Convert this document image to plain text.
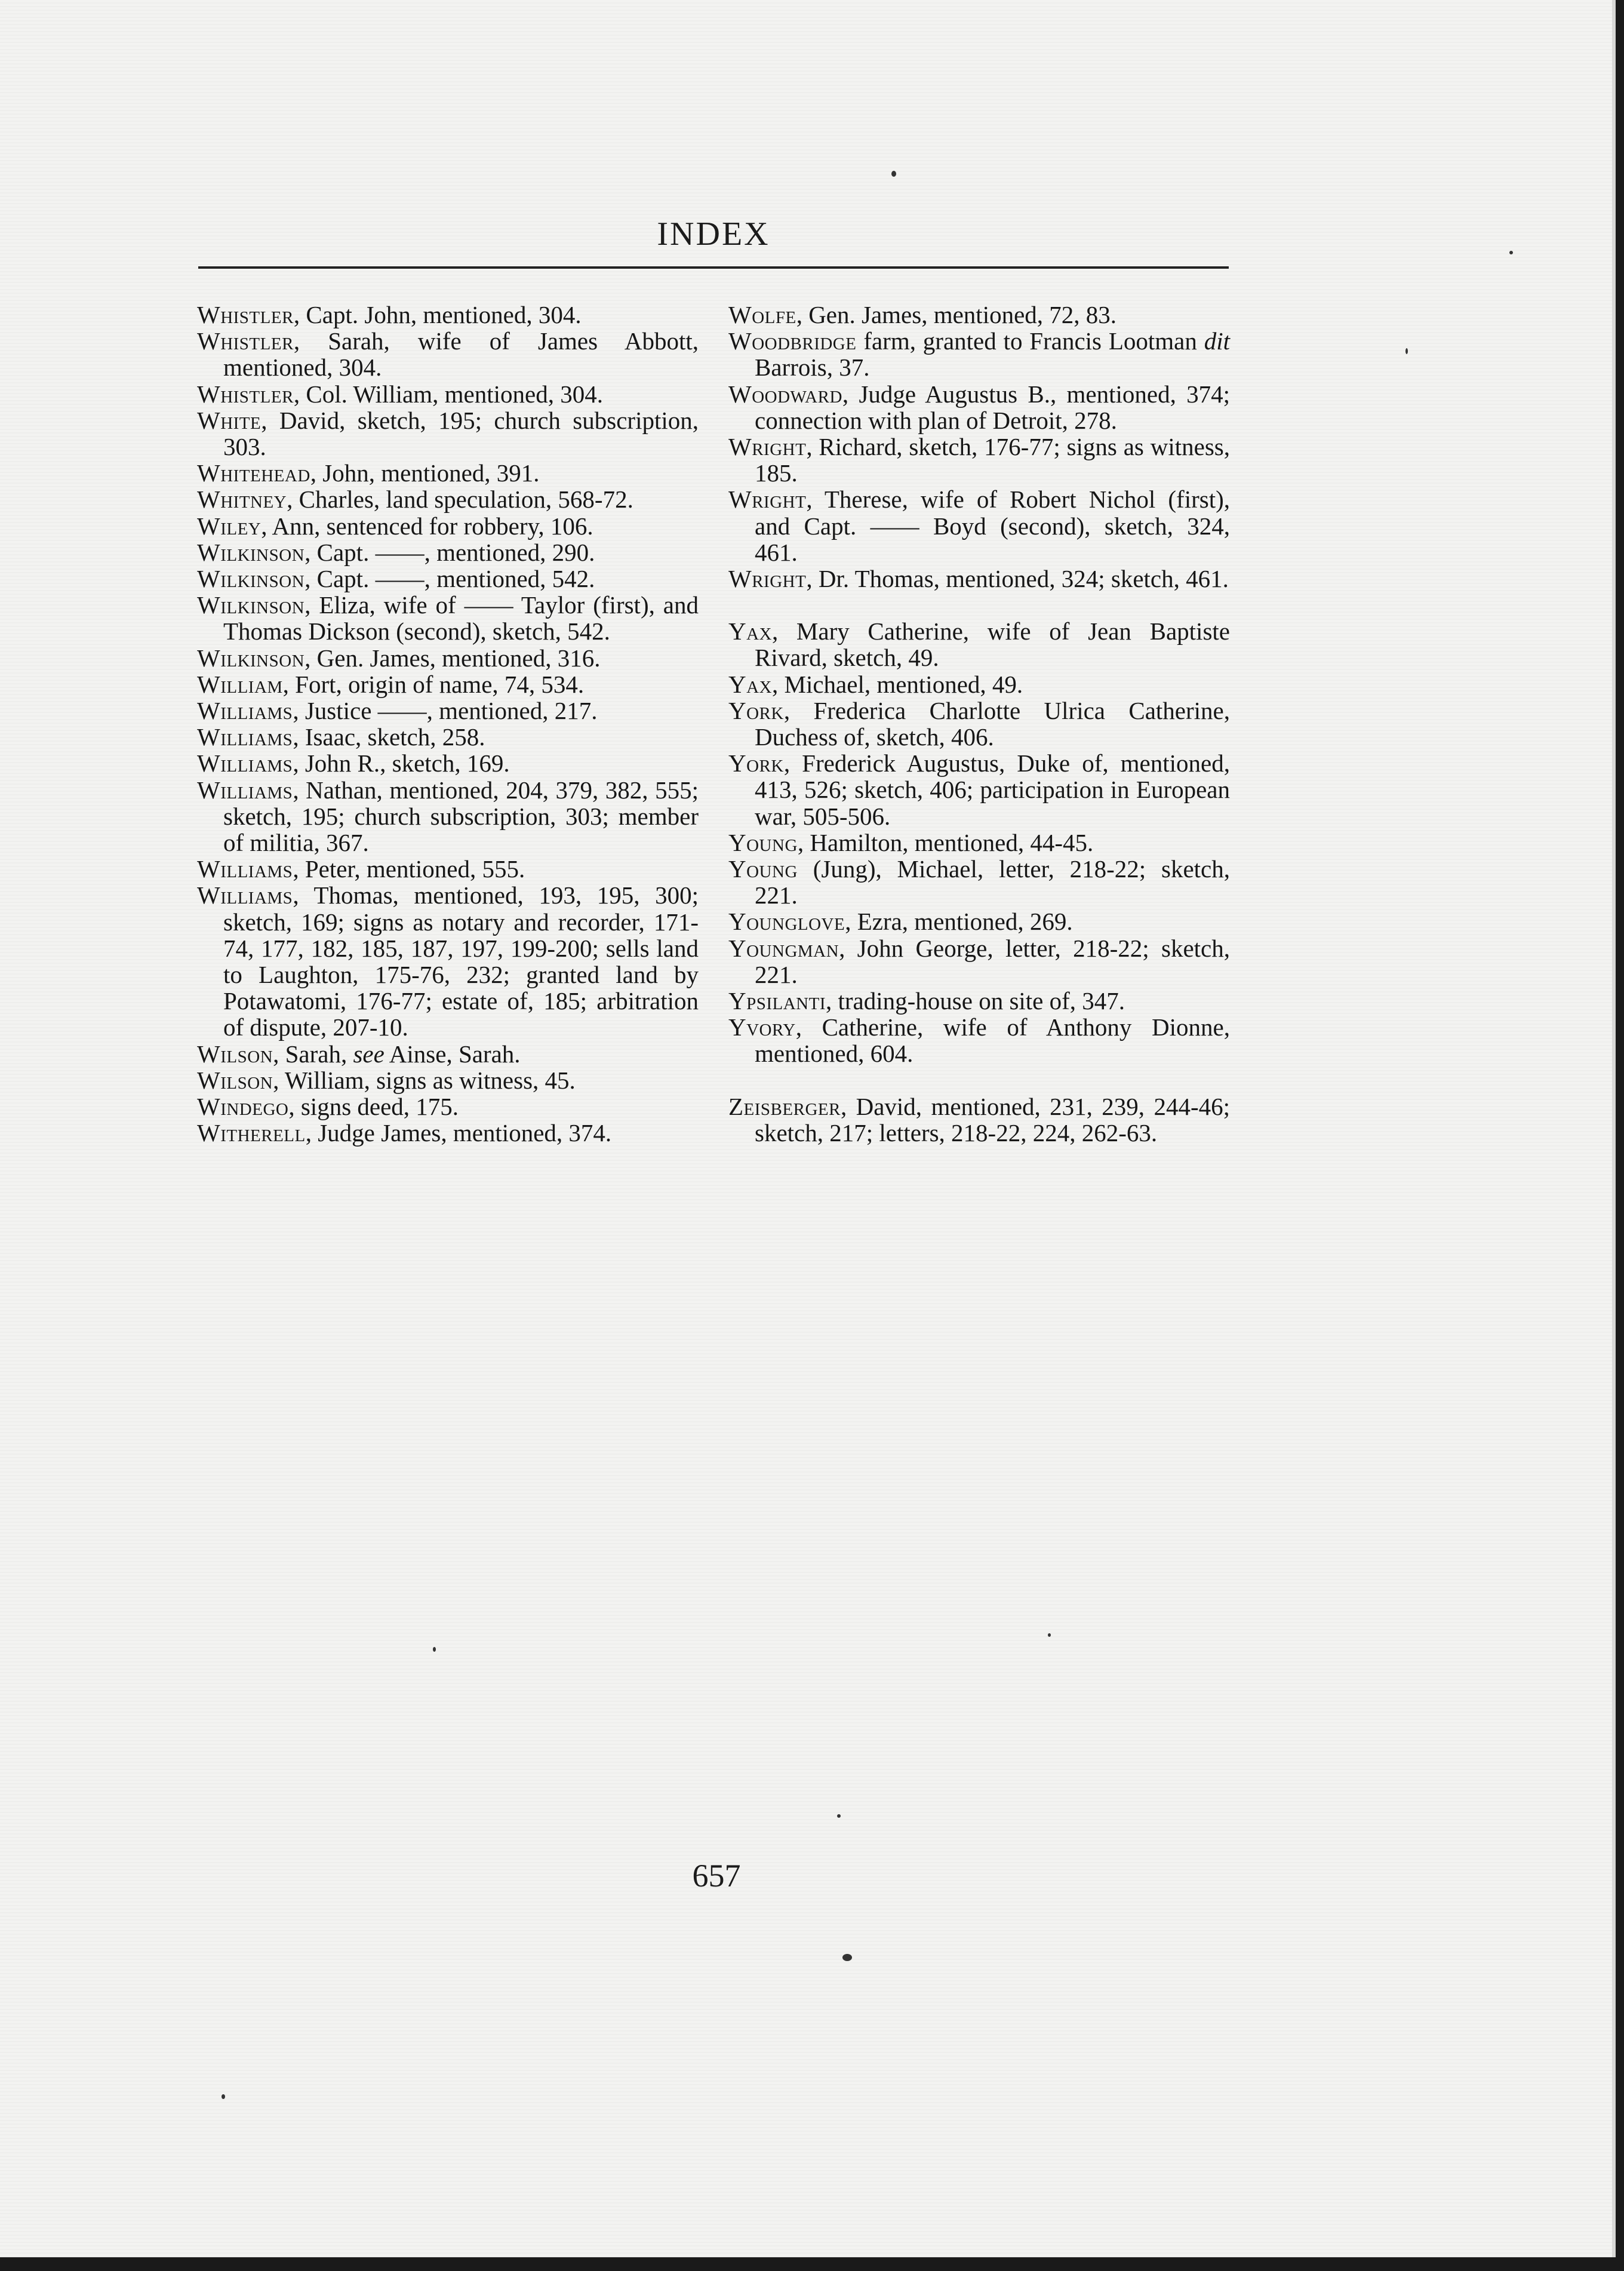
INDEX
Whistler, Capt. John, mentioned, 304.
Whistler, Sarah, wife of James Abbott, mentioned, 304.
Whistler, Col. William, mentioned, 304.
White, David, sketch, 195; church subscription, 303.
Whitehead, John, mentioned, 391.
Whitney, Charles, land speculation, 568-72.
Wiley, Ann, sentenced for robbery, 106.
Wilkinson, Capt. ——, mentioned, 290.
Wilkinson, Capt. ——, mentioned, 542.
Wilkinson, Eliza, wife of —— Taylor (first), and Thomas Dickson (second), sketch, 542.
Wilkinson, Gen. James, mentioned, 316.
William, Fort, origin of name, 74, 534.
Williams, Justice ——, mentioned, 217.
Williams, Isaac, sketch, 258.
Williams, John R., sketch, 169.
Williams, Nathan, mentioned, 204, 379, 382, 555; sketch, 195; church subscription, 303; member of militia, 367.
Williams, Peter, mentioned, 555.
Williams, Thomas, mentioned, 193, 195, 300; sketch, 169; signs as notary and recorder, 171-74, 177, 182, 185, 187, 197, 199-200; sells land to Laughton, 175-76, 232; granted land by Potawatomi, 176-77; estate of, 185; arbitration of dispute, 207-10.
Wilson, Sarah, see Ainse, Sarah.
Wilson, William, signs as witness, 45.
Windego, signs deed, 175.
Witherell, Judge James, mentioned, 374.
Wolfe, Gen. James, mentioned, 72, 83.
Woodbridge farm, granted to Francis Lootman dit Barrois, 37.
Woodward, Judge Augustus B., mentioned, 374; connection with plan of Detroit, 278.
Wright, Richard, sketch, 176-77; signs as witness, 185.
Wright, Therese, wife of Robert Nichol (first), and Capt. —— Boyd (second), sketch, 324, 461.
Wright, Dr. Thomas, mentioned, 324; sketch, 461.
Yax, Mary Catherine, wife of Jean Baptiste Rivard, sketch, 49.
Yax, Michael, mentioned, 49.
York, Frederica Charlotte Ulrica Catherine, Duchess of, sketch, 406.
York, Frederick Augustus, Duke of, mentioned, 413, 526; sketch, 406; participation in European war, 505-506.
Young, Hamilton, mentioned, 44-45.
Young (Jung), Michael, letter, 218-22; sketch, 221.
Younglove, Ezra, mentioned, 269.
Youngman, John George, letter, 218-22; sketch, 221.
Ypsilanti, trading-house on site of, 347.
Yvory, Catherine, wife of Anthony Dionne, mentioned, 604.
Zeisberger, David, mentioned, 231, 239, 244-46; sketch, 217; letters, 218-22, 224, 262-63.
657
